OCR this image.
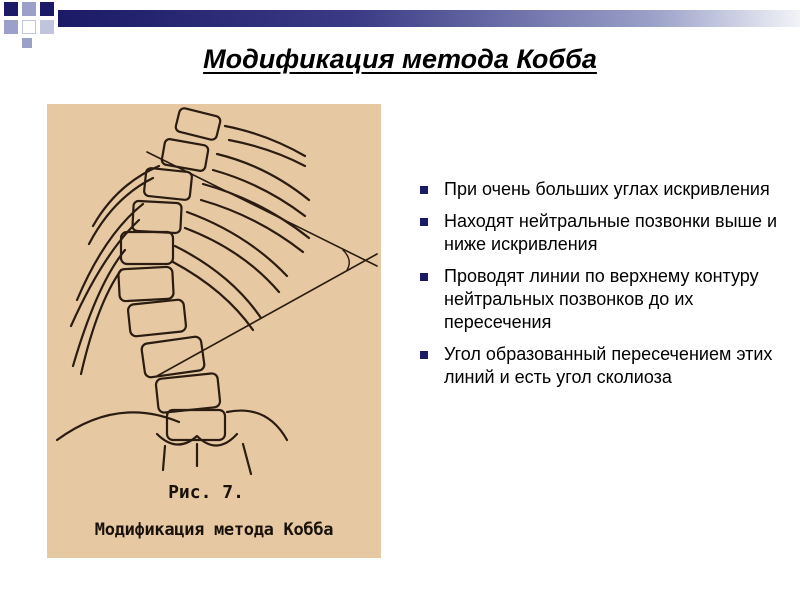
Модификация метода Кобба
Рис. 7.
Модификация метода Кобба
При очень больших углах искривления
Находят нейтральные позвонки выше и ниже искривления
Проводят линии по верхнему контуру нейтральных позвонков до их пересечения
Угол образованный пересечением этих линий и есть угол сколиоза
